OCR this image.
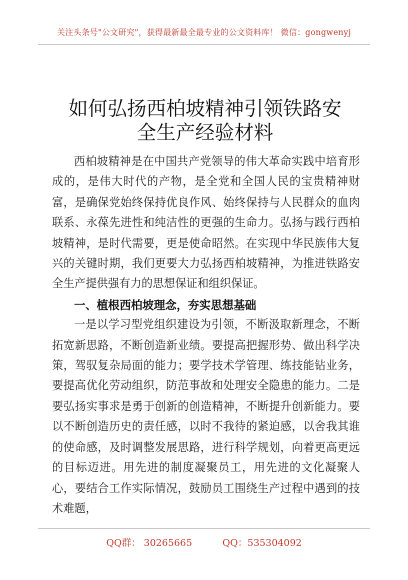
关注头条号"公文研究"，获得最新最全最专业的公文资料库！ 微信：gongwenyj
如何弘扬西柏坡精神引领铁路安全生产经验材料

西柏坡精神是在中国共产党领导的伟大革命实践中培育形成的，是伟大时代的产物，是全党和全国人民的宝贵精神财富，是确保党始终保持优良作风、始终保持与人民群众的血肉联系、永葆先进性和纯洁性的更强的生命力。弘扬与践行西柏坡精神，是时代需要，更是使命昭然。在实现中华民族伟大复兴的关键时期，我们更要大力弘扬西柏坡精神，为推进铁路安全生产提供强有力的思想保证和组织保证。

一、植根西柏坡理念，夯实思想基础

一是以学习型党组织建设为引领，不断汲取新理念，不断拓宽新思路，不断创造新业绩。要提高把握形势、做出科学决策，驾驭复杂局面的能力；要学技术学管理、练技能钻业务，要提高优化劳动组织，防范事故和处理安全隐患的能力。二是要弘扬实事求是勇于创新的创造精神，不断提升创新能力。要以不断创造历史的责任感，以时不我待的紧迫感，以舍我其谁的使命感，及时调整发展思路，进行科学规划，向着更高更远的目标迈进。用先进的制度凝聚员工，用先进的文化凝聚人心，要结合工作实际情况，鼓励员工围绕生产过程中遇到的技术难题，

QQ群： 30265665          QQ：535304092
